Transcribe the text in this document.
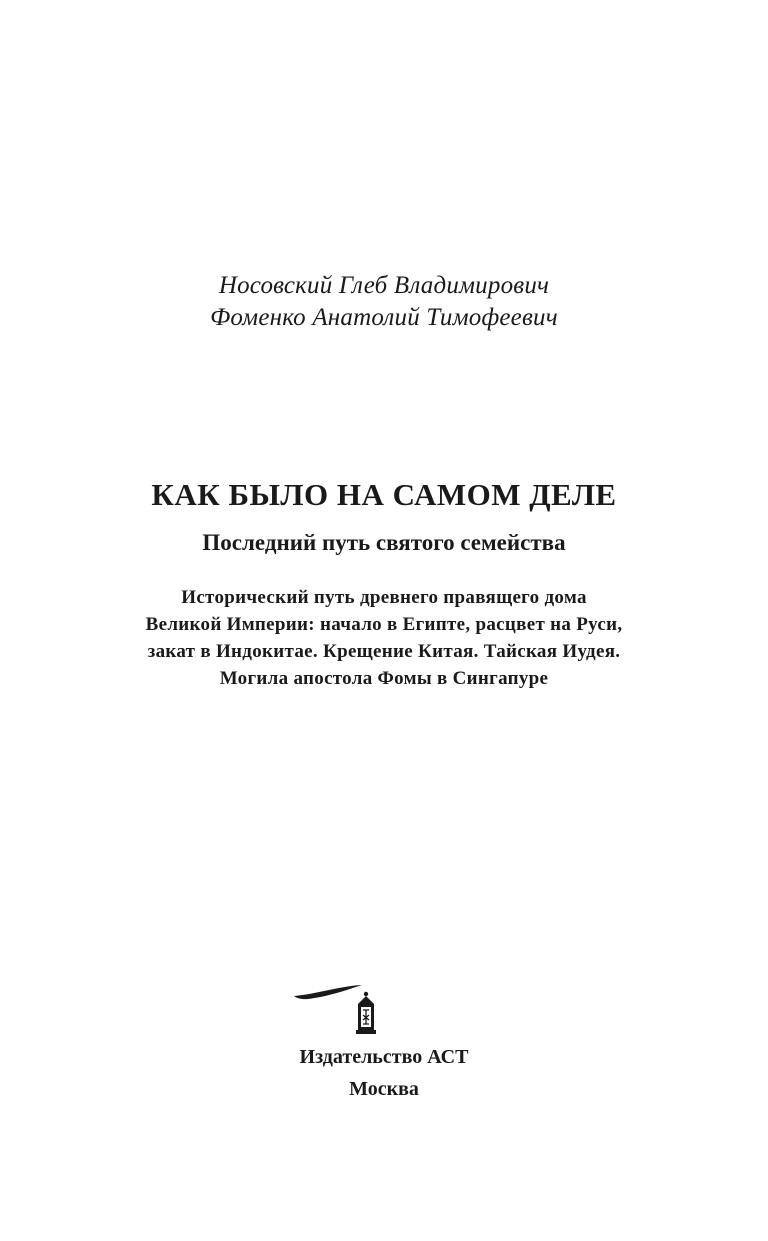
Носовский Глеб Владимирович
Фоменко Анатолий Тимофеевич
КАК БЫЛО НА САМОМ ДЕЛЕ
Последний путь святого семейства
Исторический путь древнего правящего дома
Великой Империи: начало в Египте, расцвет на Руси,
закат в Индокитае. Крещение Китая. Тайская Иудея.
Могила апостола Фомы в Сингапуре
Издательство АСТ
Москва
